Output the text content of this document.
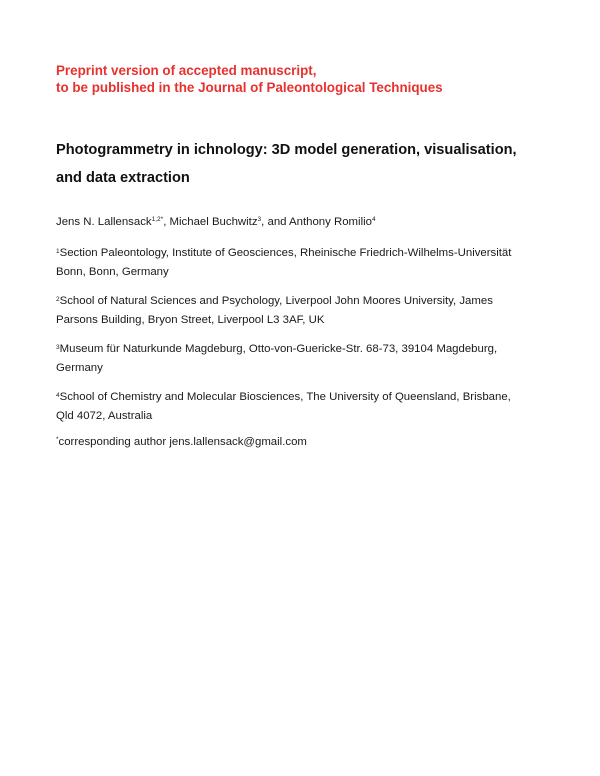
Preprint version of accepted manuscript,
to be published in the Journal of Paleontological Techniques
Photogrammetry in ichnology: 3D model generation, visualisation,
and data extraction
Jens N. Lallensack$^{1,2*}$, Michael Buchwitz$^3$, and Anthony Romilio$^4$
$^1$Section Paleontology, Institute of Geosciences, Rheinische Friedrich-Wilhelms-Universität
Bonn, Bonn, Germany
$^2$School of Natural Sciences and Psychology, Liverpool John Moores University, James
Parsons Building, Bryon Street, Liverpool L3 3AF, UK
$^3$Museum für Naturkunde Magdeburg, Otto-von-Guericke-Str. 68-73, 39104 Magdeburg,
Germany
$^4$School of Chemistry and Molecular Biosciences, The University of Queensland, Brisbane,
Qld 4072, Australia
*corresponding author jens.lallensack@gmail.com
